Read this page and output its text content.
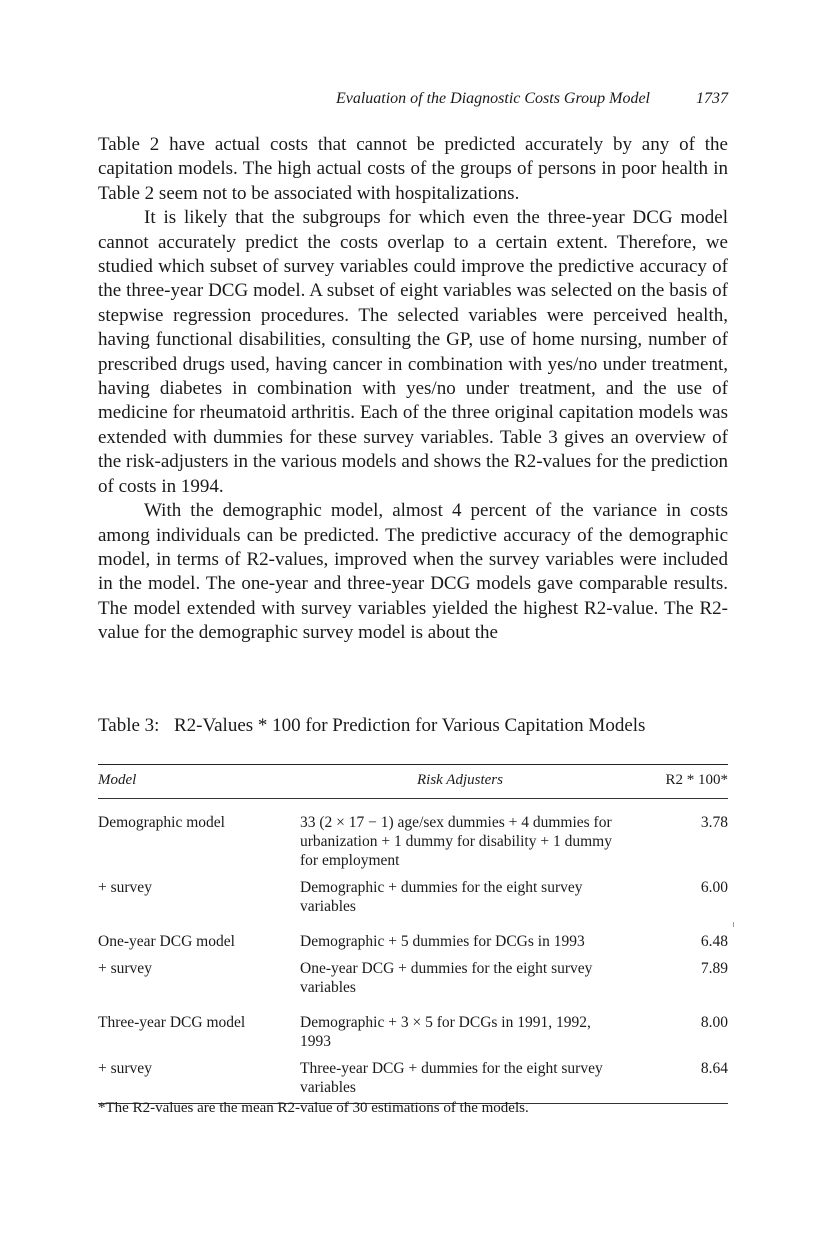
Evaluation of the Diagnostic Costs Group Model	1737

Table 2 have actual costs that cannot be predicted accurately by any of the capitation models. The high actual costs of the groups of persons in poor health in Table 2 seem not to be associated with hospitalizations.

It is likely that the subgroups for which even the three-year DCG model cannot accurately predict the costs overlap to a certain extent. Therefore, we studied which subset of survey variables could improve the predictive accuracy of the three-year DCG model. A subset of eight variables was selected on the basis of stepwise regression procedures. The selected variables were perceived health, having functional disabilities, consulting the GP, use of home nursing, number of prescribed drugs used, having cancer in combination with yes/no under treatment, having diabetes in combination with yes/no under treatment, and the use of medicine for rheumatoid arthritis. Each of the three original capitation models was extended with dummies for these survey variables. Table 3 gives an overview of the risk-adjusters in the various models and shows the R2-values for the prediction of costs in 1994.

With the demographic model, almost 4 percent of the variance in costs among individuals can be predicted. The predictive accuracy of the demographic model, in terms of R2-values, improved when the survey variables were included in the model. The one-year and three-year DCG models gave comparable results. The model extended with survey variables yielded the highest R2-value. The R2-value for the demographic survey model is about the

Table 3: R2-Values * 100 for Prediction for Various Capitation Models
Model	Risk Adjusters	R2 * 100*
Demographic model	33 (2 × 17 − 1) age/sex dummies + 4 dummies for urbanization + 1 dummy for disability + 1 dummy for employment	3.78
+ survey	Demographic + dummies for the eight survey variables	6.00
One-year DCG model	Demographic + 5 dummies for DCGs in 1993	6.48
+ survey	One-year DCG + dummies for the eight survey variables	7.89
Three-year DCG model	Demographic + 3 × 5 for DCGs in 1991, 1992, 1993	8.00
+ survey	Three-year DCG + dummies for the eight survey variables	8.64
*The R2-values are the mean R2-value of 30 estimations of the models.
